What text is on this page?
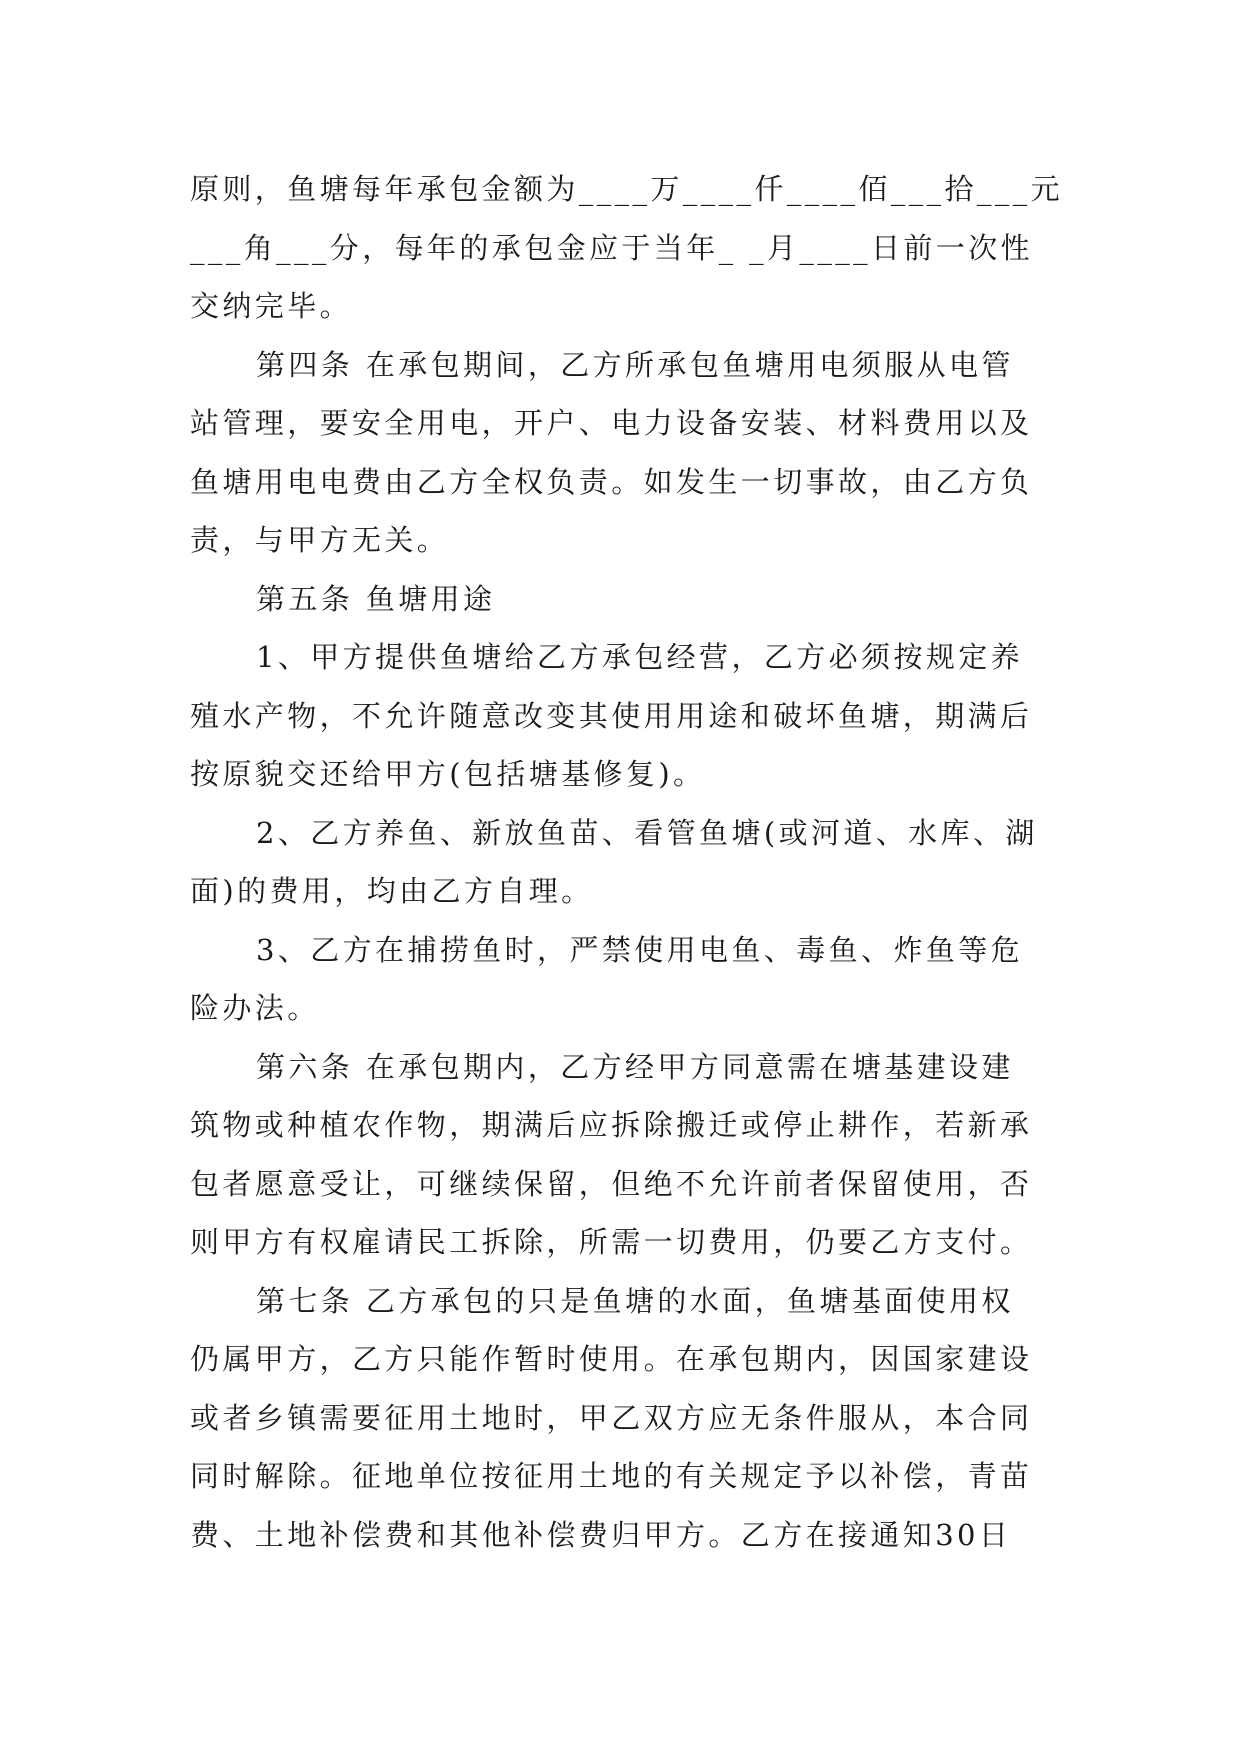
原则，鱼塘每年承包金额为____万____仟____佰___拾___元
___角___分，每年的承包金应于当年_ _月____日前一次性
交纳完毕。
第四条 在承包期间，乙方所承包鱼塘用电须服从电管
站管理，要安全用电，开户、电力设备安装、材料费用以及
鱼塘用电电费由乙方全权负责。如发生一切事故，由乙方负
责，与甲方无关。
第五条 鱼塘用途
1、甲方提供鱼塘给乙方承包经营，乙方必须按规定养
殖水产物，不允许随意改变其使用用途和破坏鱼塘，期满后
按原貌交还给甲方(包括塘基修复)。
2、乙方养鱼、新放鱼苗、看管鱼塘(或河道、水库、湖
面)的费用，均由乙方自理。
3、乙方在捕捞鱼时，严禁使用电鱼、毒鱼、炸鱼等危
险办法。
第六条 在承包期内，乙方经甲方同意需在塘基建设建
筑物或种植农作物，期满后应拆除搬迁或停止耕作，若新承
包者愿意受让，可继续保留，但绝不允许前者保留使用，否
则甲方有权雇请民工拆除，所需一切费用，仍要乙方支付。
第七条 乙方承包的只是鱼塘的水面，鱼塘基面使用权
仍属甲方，乙方只能作暂时使用。在承包期内，因国家建设
或者乡镇需要征用土地时，甲乙双方应无条件服从，本合同
同时解除。征地单位按征用土地的有关规定予以补偿，青苗
费、土地补偿费和其他补偿费归甲方。乙方在接通知30日
